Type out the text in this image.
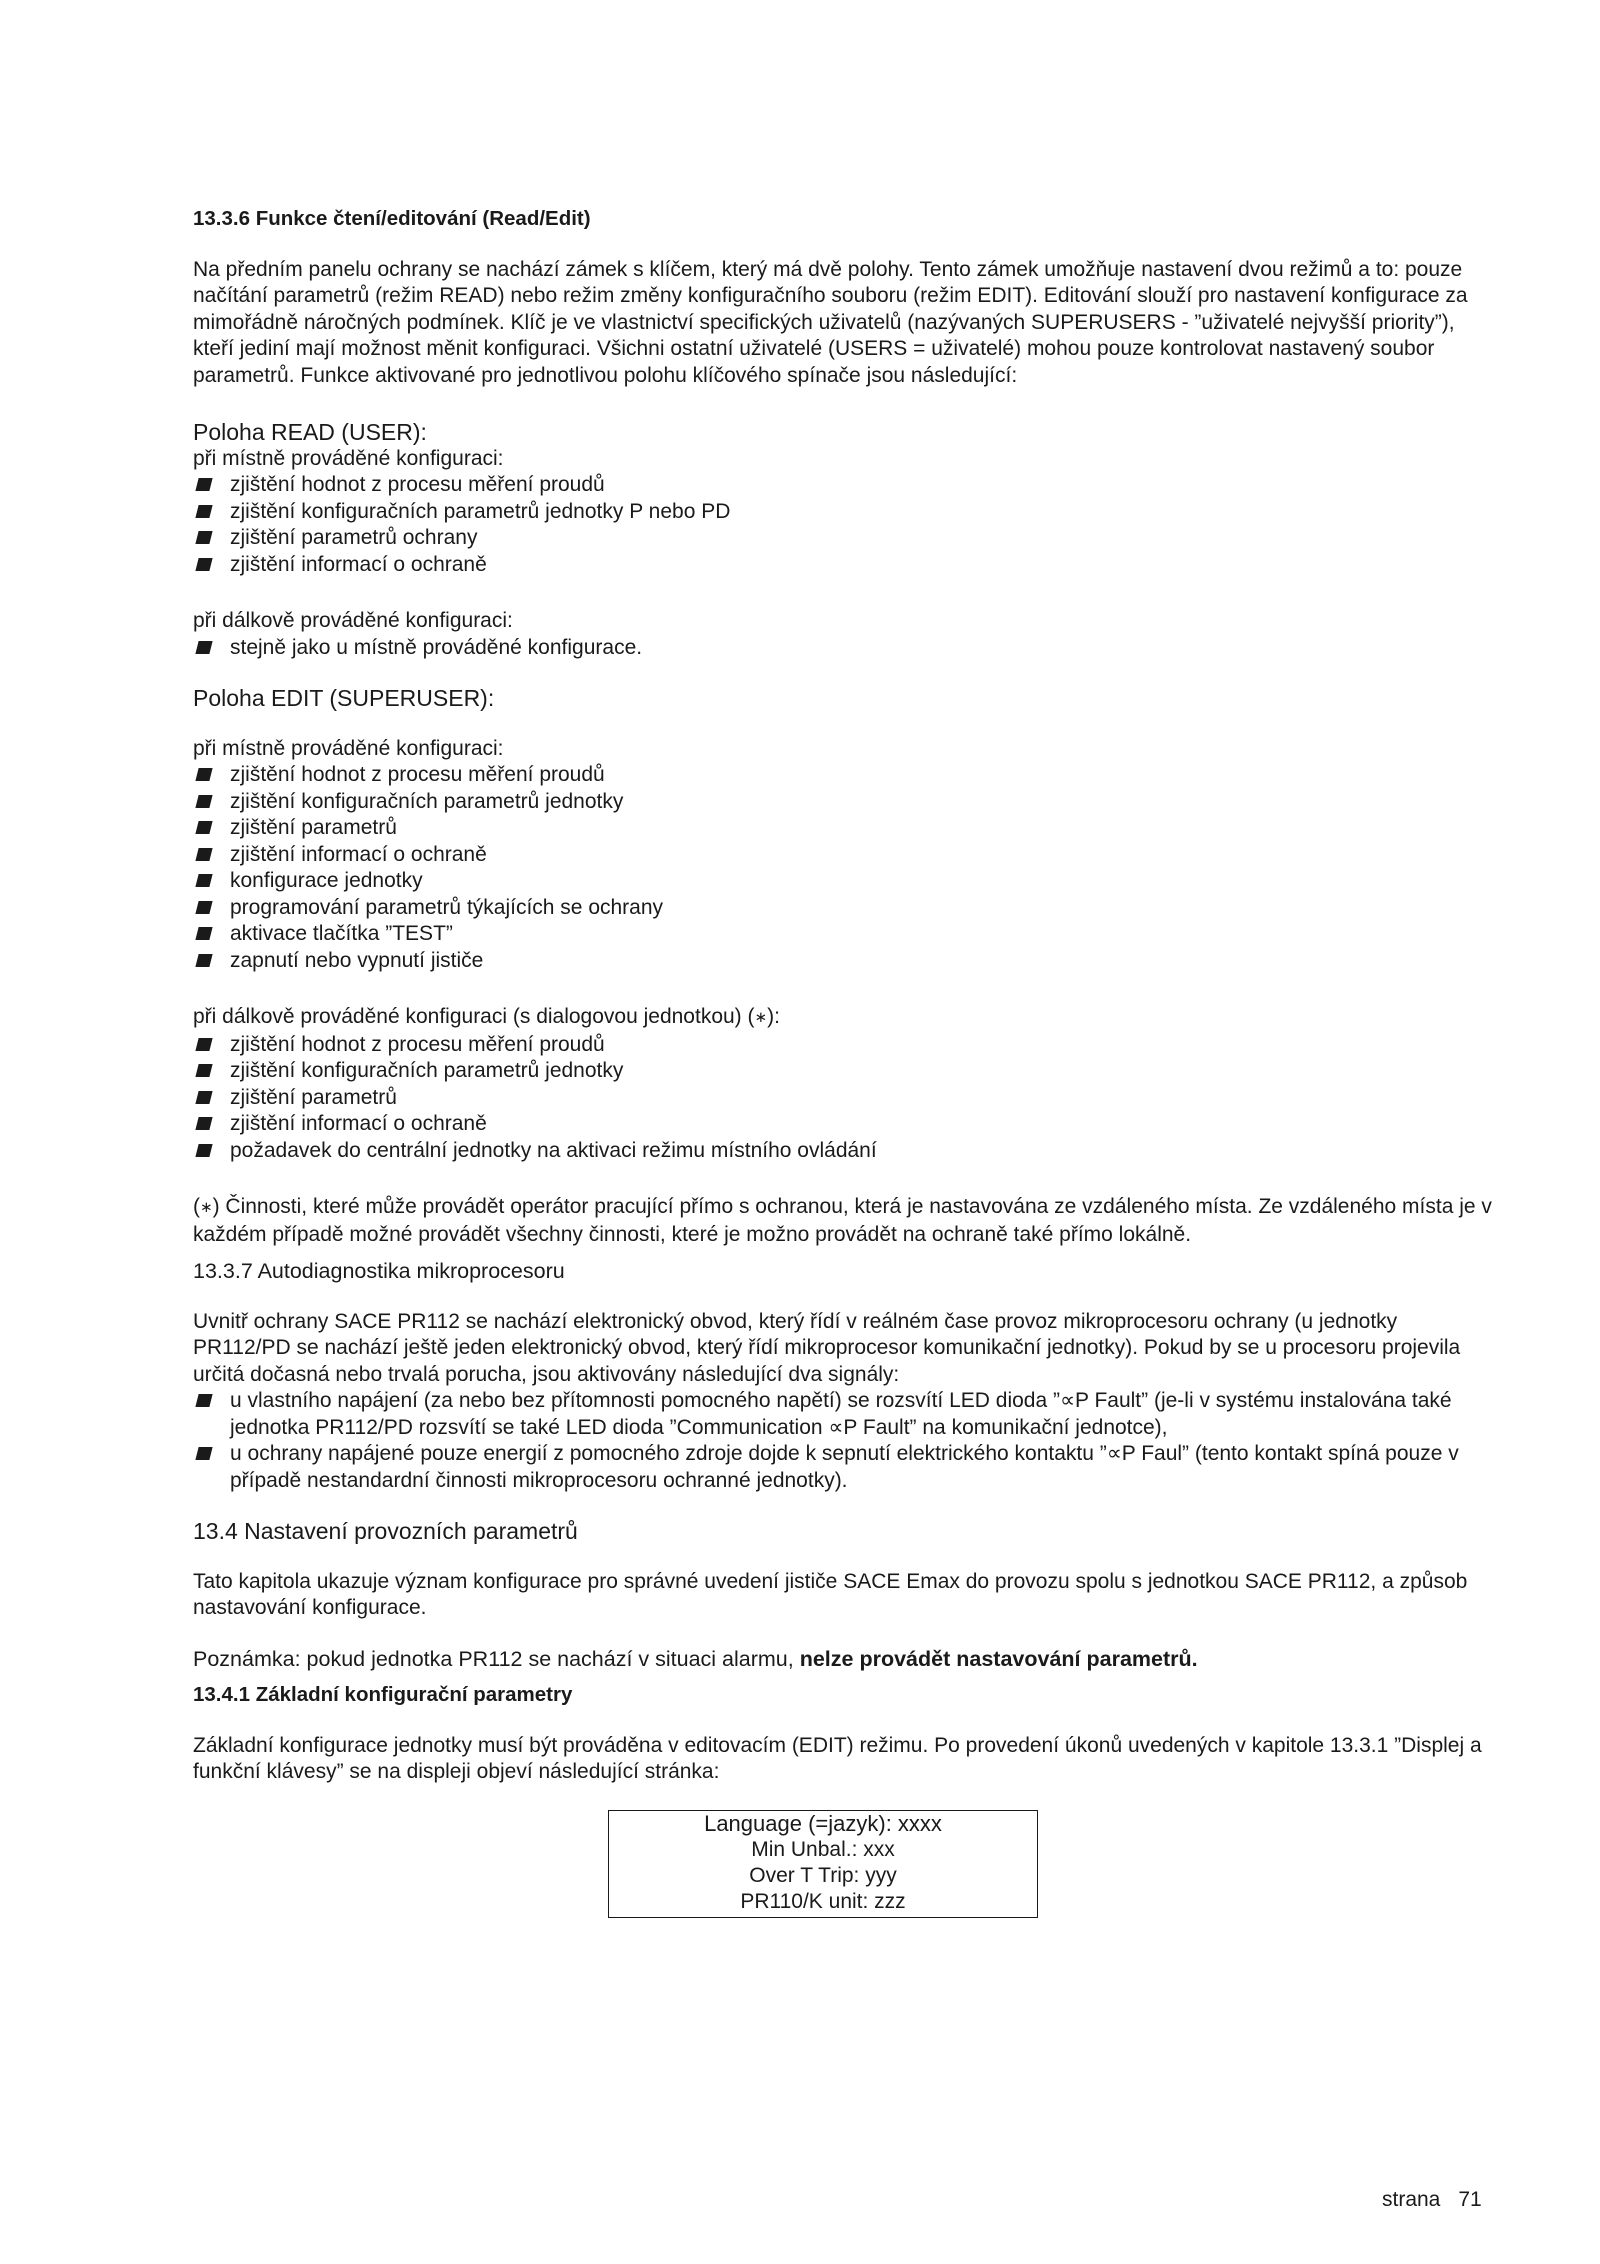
13.3.6 Funkce čtení/editování (Read/Edit)

Na předním panelu ochrany se nachází zámek s klíčem, který má dvě polohy. Tento zámek umožňuje nastavení dvou režimů a to: pouze načítání parametrů (režim READ) nebo režim změny konfiguračního souboru (režim EDIT). Editování slouží pro nastavení konfigurace za mimořádně náročných podmínek. Klíč je ve vlastnictví specifických uživatelů (nazývaných SUPERUSERS - ”uživatelé nejvyšší priority”), kteří jediní mají možnost měnit konfiguraci. Všichni ostatní uživatelé (USERS = uživatelé) mohou pouze kontrolovat nastavený soubor parametrů. Funkce aktivované pro jednotlivou polohu klíčového spínače jsou následující:

Poloha READ (USER):

při místně prováděné konfiguraci:

zjištění hodnot z procesu měření proudů
zjištění konfiguračních parametrů jednotky P nebo PD
zjištění parametrů ochrany
zjištění informací o ochraně

při dálkově prováděné konfiguraci:

stejně jako u místně prováděné konfigurace.

Poloha EDIT (SUPERUSER):

při místně prováděné konfiguraci:

zjištění hodnot z procesu měření proudů
zjištění konfiguračních parametrů jednotky
zjištění parametrů
zjištění informací o ochraně
konfigurace jednotky
programování parametrů týkajících se ochrany
aktivace tlačítka ”TEST”
zapnutí nebo vypnutí jističe

při dálkově prováděné konfiguraci (s dialogovou jednotkou) (∗):

zjištění hodnot z procesu měření proudů
zjištění konfiguračních parametrů jednotky
zjištění parametrů
zjištění informací o ochraně
požadavek do centrální jednotky na aktivaci režimu místního ovládání

(∗) Činnosti, které může provádět operátor pracující přímo s ochranou, která je nastavována ze vzdáleného místa. Ze vzdáleného místa je v každém případě možné provádět všechny činnosti, které je možno provádět na ochraně také přímo lokálně.

13.3.7 Autodiagnostika mikroprocesoru

Uvnitř ochrany SACE PR112 se nachází elektronický obvod, který řídí v reálném čase provoz mikroprocesoru ochrany (u jednotky PR112/PD se nachází ještě jeden elektronický obvod, který řídí mikroprocesor komunikační jednotky). Pokud by se u procesoru projevila určitá dočasná nebo trvalá porucha, jsou aktivovány následující dva signály:

u vlastního napájení (za nebo bez přítomnosti pomocného napětí) se rozsvítí LED dioda ”∝P Fault” (je-li v systému instalována také jednotka PR112/PD rozsvítí se také LED dioda ”Communication ∝P Fault” na komunikační jednotce),
u ochrany napájené pouze energií z pomocného zdroje dojde k sepnutí elektrického kontaktu ”∝P Faul” (tento kontakt spíná pouze v případě nestandardní činnosti mikroprocesoru ochranné jednotky).
13.4 Nastavení provozních parametrů

Tato kapitola ukazuje význam konfigurace pro správné uvedení jističe SACE Emax do provozu spolu s jednotkou SACE PR112, a způsob nastavování konfigurace.

Poznámka: pokud jednotka PR112 se nachází v situaci alarmu, nelze provádět nastavování parametrů.

13.4.1 Základní konfigurační parametry

Základní konfigurace jednotky musí být prováděna v editovacím (EDIT) režimu. Po provedení úkonů uvedených v kapitole 13.3.1 ”Displej a funkční klávesy” se na displeji objeví následující stránka:

Language (=jazyk): xxxx
Min Unbal.: xxx
Over T Trip: yyy
PR110/K unit: zzz
strana 71
